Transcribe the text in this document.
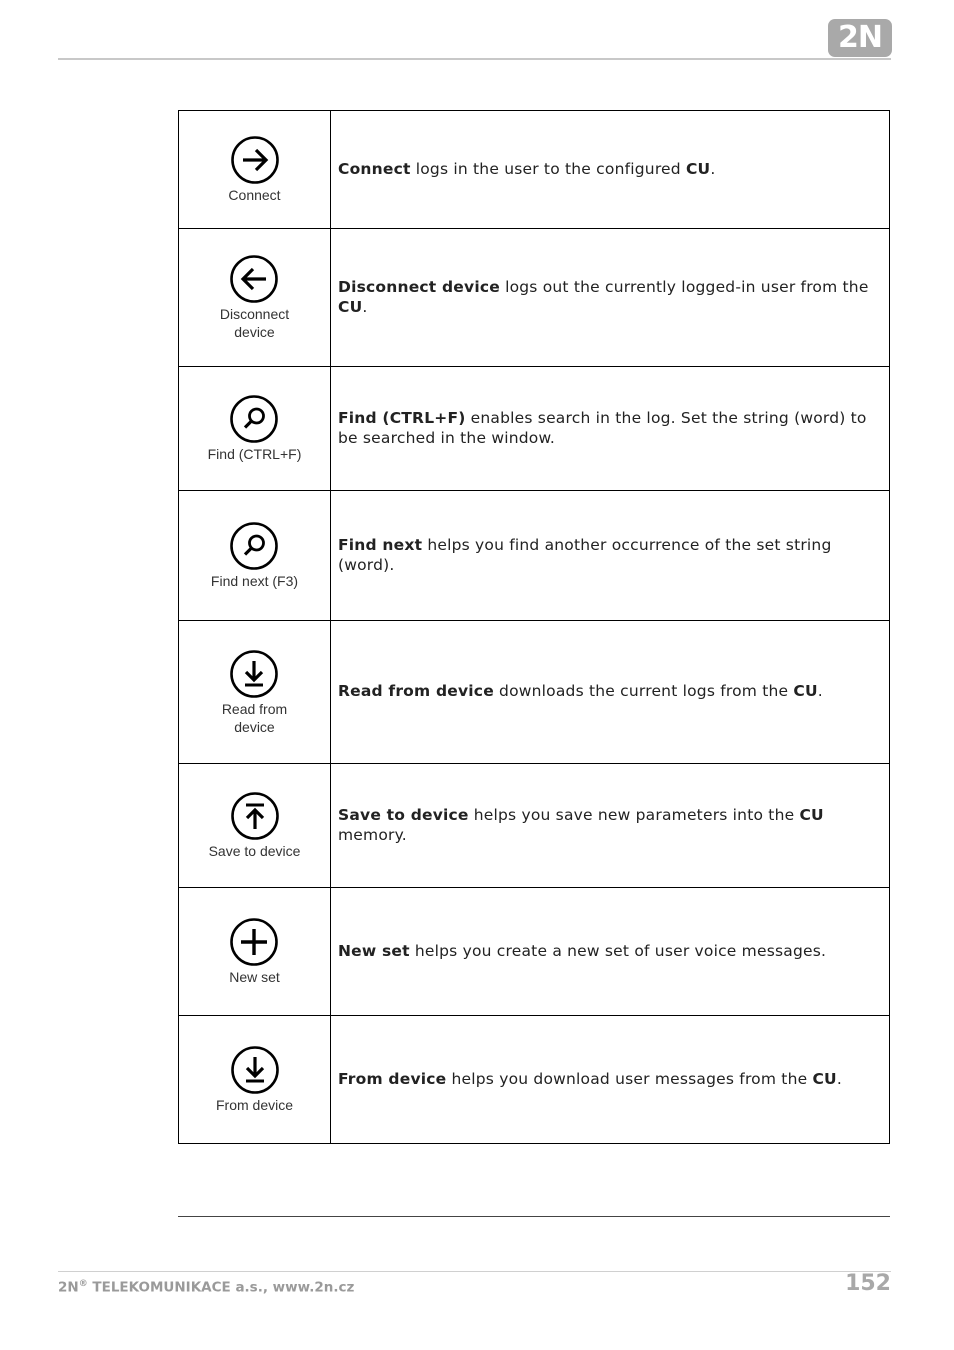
2N
Connect	Connect logs in the user to the configured CU.

Disconnect
device	Disconnect device logs out the currently logged-in user from the CU.

Find (CTRL+F)	Find (CTRL+F) enables search in the log. Set the string (word) to be searched in the window.

Find next (F3)	Find next helps you find another occurrence of the set string (word).

Read from
device	Read from device downloads the current logs from the CU.

Save to device	Save to device helps you save new parameters into the CU memory.

New set	New set helps you create a new set of user voice messages.

From device	From device helps you download user messages from the CU.
2N® TELEKOMUNIKACE a.s., www.2n.cz	152
